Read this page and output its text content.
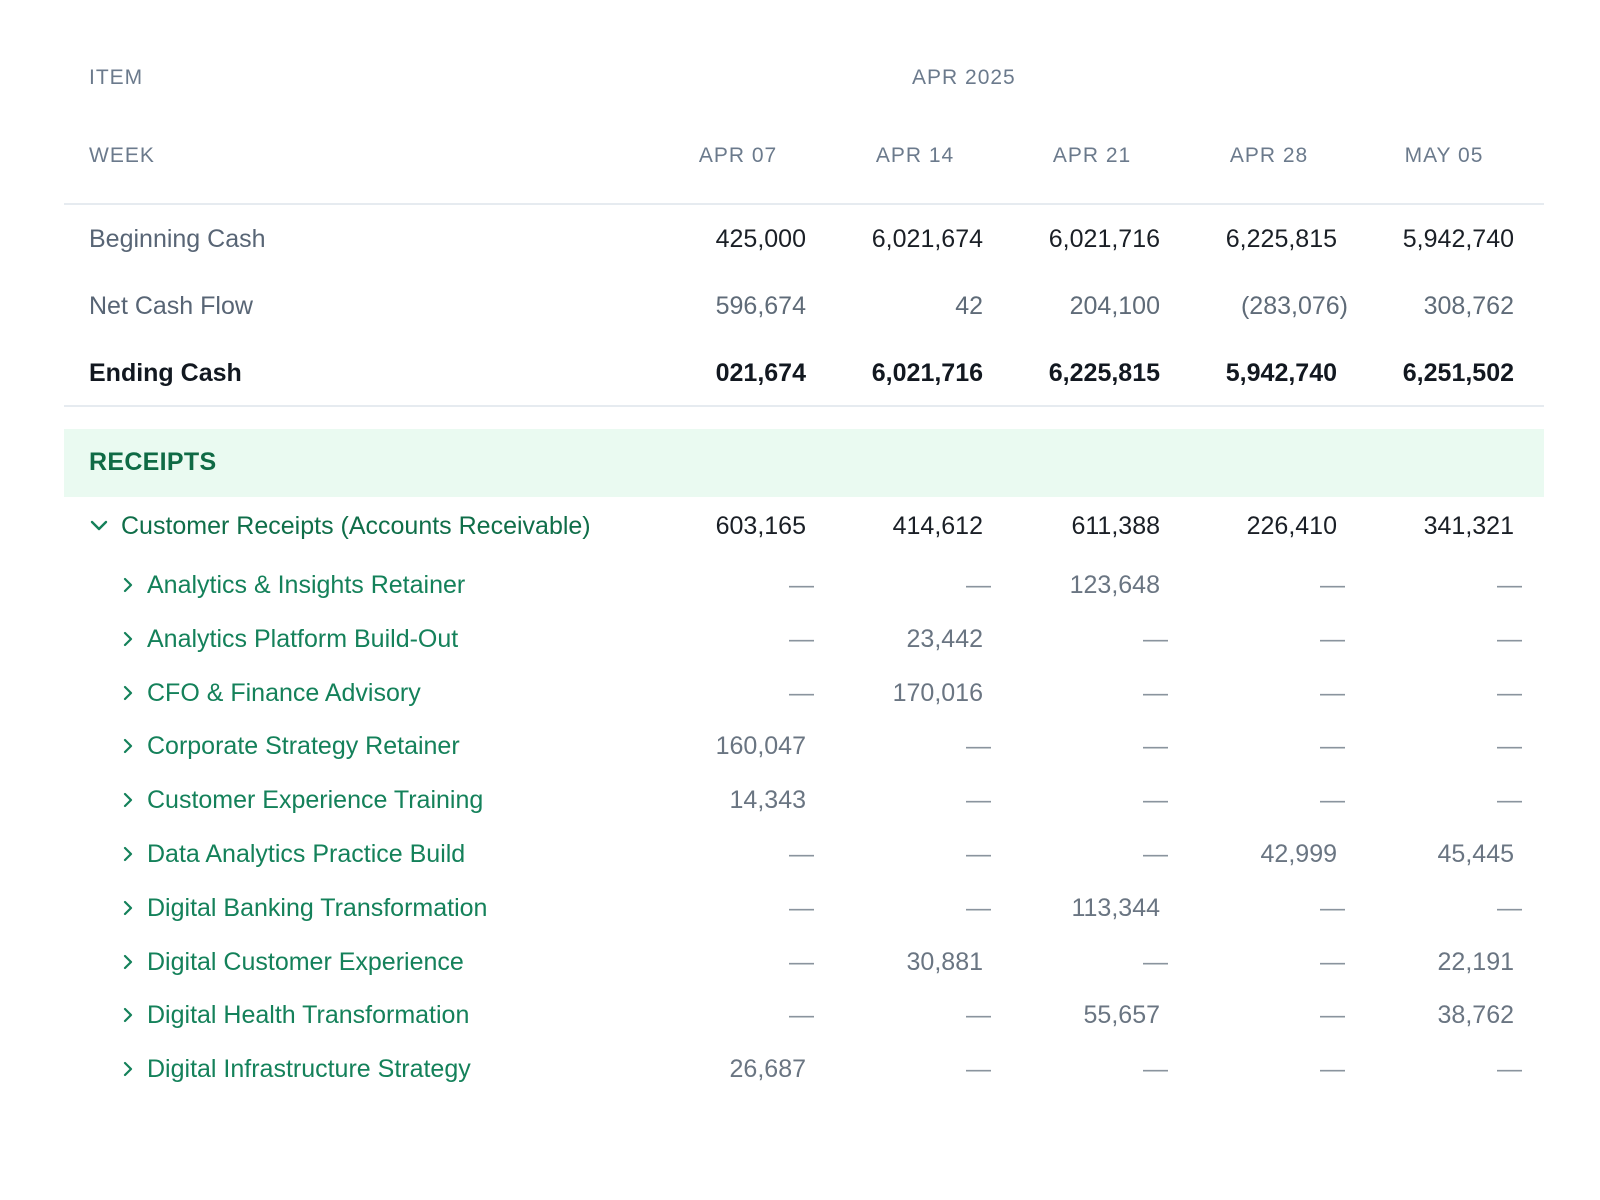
ITEM	APR 2025
WEEK	APR 07	APR 14	APR 21	APR 28	MAY 05
Beginning Cash	425,000	6,021,674	6,021,716	6,225,815	5,942,740
Net Cash Flow	596,674	42	204,100	(283,076)	308,762
Ending Cash	021,674	6,021,716	6,225,815	5,942,740	6,251,502
RECEIPTS
Customer Receipts (Accounts Receivable)	603,165	414,612	611,388	226,410	341,321
Analytics & Insights Retainer	—	—	123,648	—	—
Analytics Platform Build-Out	—	23,442	—	—	—
CFO & Finance Advisory	—	170,016	—	—	—
Corporate Strategy Retainer	160,047	—	—	—	—
Customer Experience Training	14,343	—	—	—	—
Data Analytics Practice Build	—	—	—	42,999	45,445
Digital Banking Transformation	—	—	113,344	—	—
Digital Customer Experience	—	30,881	—	—	22,191
Digital Health Transformation	—	—	55,657	—	38,762
Digital Infrastructure Strategy	26,687	—	—	—	—
